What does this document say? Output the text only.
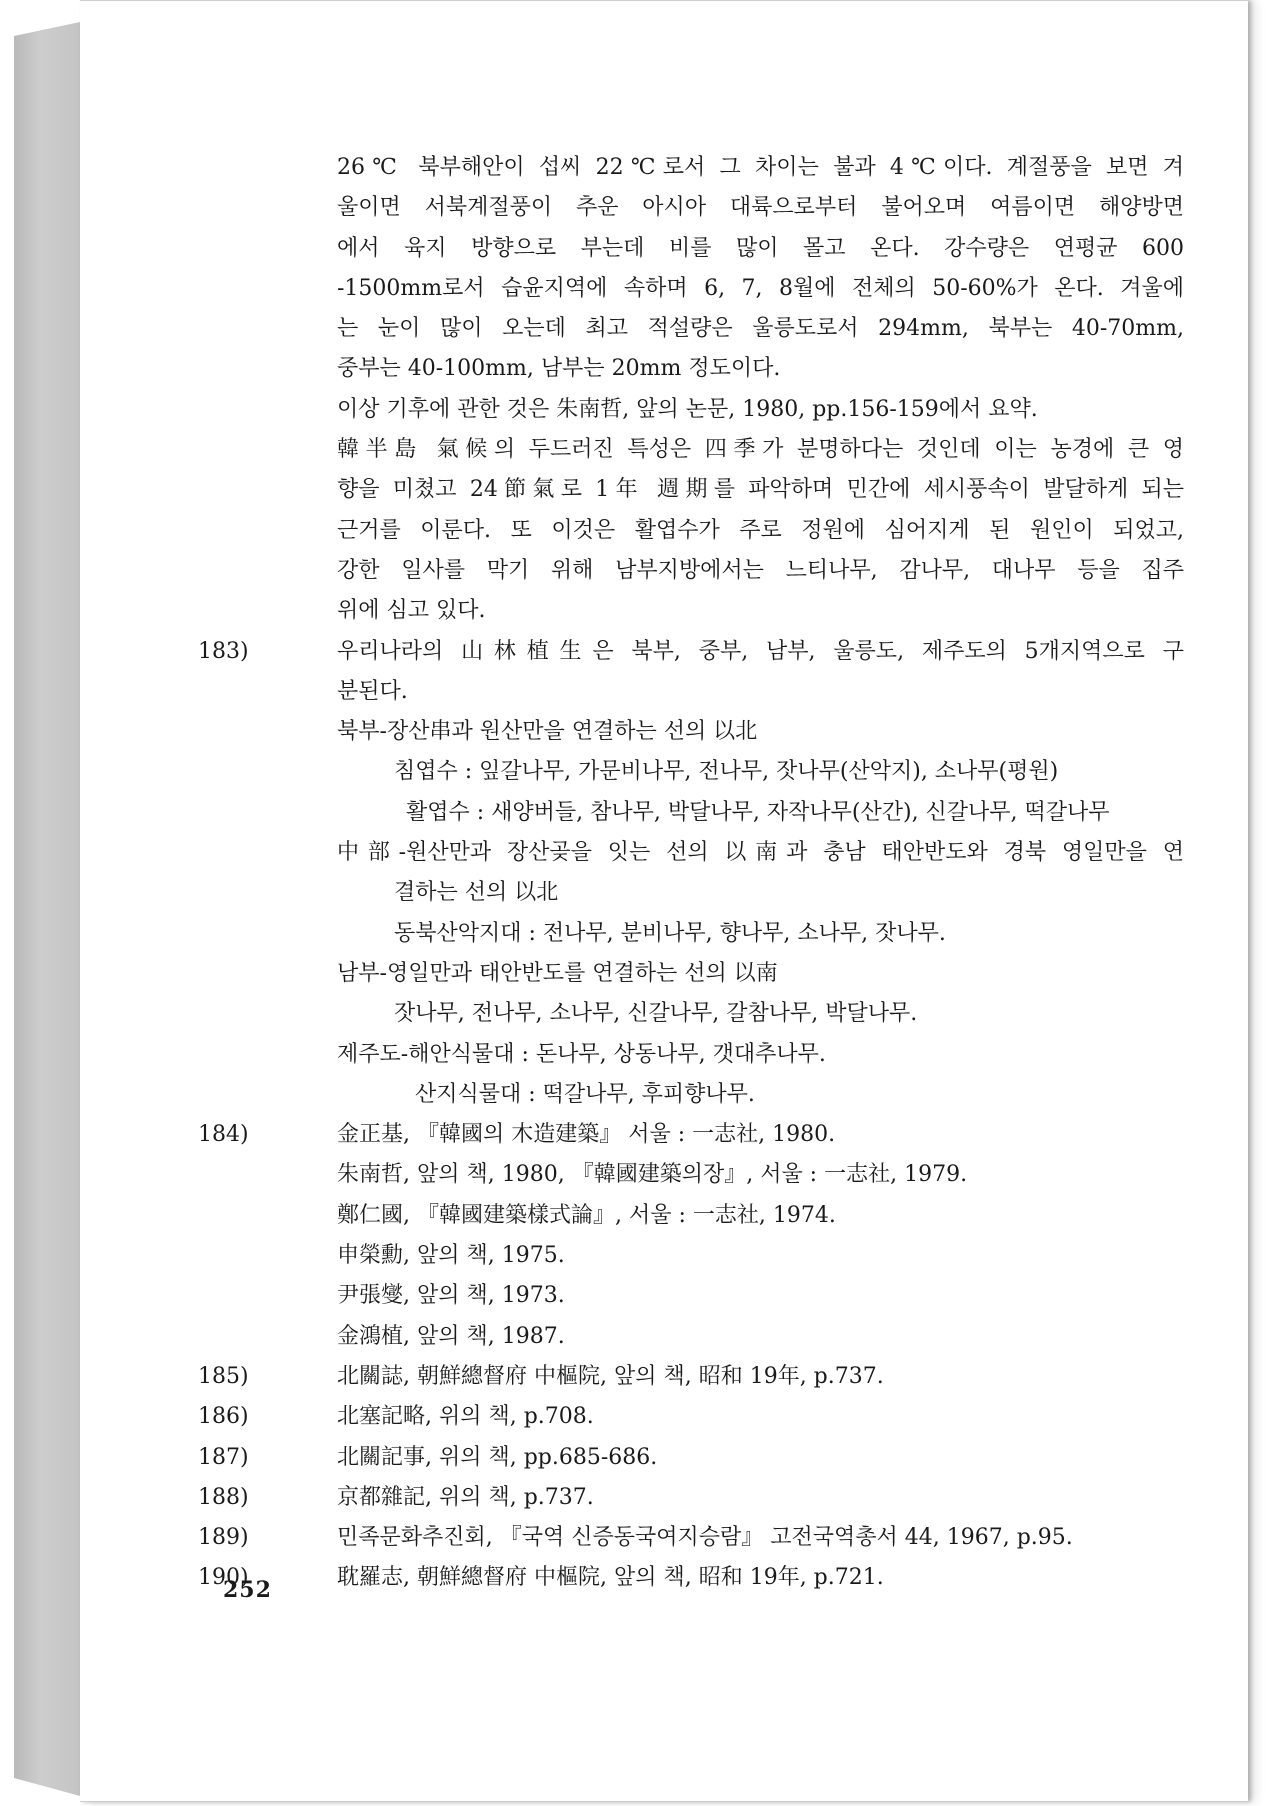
26℃ 북부해안이 섭씨 22℃로서 그 차이는 불과 4℃이다. 계절풍을 보면 겨
울이면 서북계절풍이 추운 아시아 대륙으로부터 불어오며 여름이면 해양방면
에서 육지 방향으로 부는데 비를 많이 몰고 온다. 강수량은 연평균 600
-1500mm로서 습윤지역에 속하며 6, 7, 8월에 전체의 50-60%가 온다. 겨울에
는 눈이 많이 오는데 최고 적설량은 울릉도로서 294mm, 북부는 40-70mm,
중부는 40-100mm, 남부는 20mm 정도이다.
이상 기후에 관한 것은 朱南哲, 앞의 논문, 1980, pp.156-159에서 요약.
韓半島 氣候의 두드러진 특성은 四季가 분명하다는 것인데 이는 농경에 큰 영
향을 미쳤고 24節氣로 1年 週期를 파악하며 민간에 세시풍속이 발달하게 되는
근거를 이룬다. 또 이것은 활엽수가 주로 정원에 심어지게 된 원인이 되었고,
강한 일사를 막기 위해 남부지방에서는 느티나무, 감나무, 대나무 등을 집주
위에 심고 있다.
183)	우리나라의 山林植生은 북부, 중부, 남부, 울릉도, 제주도의 5개지역으로 구
분된다.
북부-장산串과 원산만을 연결하는 선의 以北
침엽수 : 잎갈나무, 가문비나무, 전나무, 잣나무(산악지), 소나무(평원)
활엽수 : 새양버들, 참나무, 박달나무, 자작나무(산간), 신갈나무, 떡갈나무
中部-원산만과 장산곶을 잇는 선의 以南과 충남 태안반도와 경북 영일만을 연
결하는 선의 以北
동북산악지대 : 전나무, 분비나무, 향나무, 소나무, 잣나무.
남부-영일만과 태안반도를 연결하는 선의 以南
잣나무, 전나무, 소나무, 신갈나무, 갈참나무, 박달나무.
제주도-해안식물대 : 돈나무, 상동나무, 갯대추나무.
산지식물대 : 떡갈나무, 후피향나무.
184)	金正基, 『韓國의 木造建築』 서울 : 一志社, 1980.
朱南哲, 앞의 책, 1980, 『韓國建築의장』, 서울 : 一志社, 1979.
鄭仁國, 『韓國建築樣式論』, 서울 : 一志社, 1974.
申榮勳, 앞의 책, 1975.
尹張燮, 앞의 책, 1973.
金鴻植, 앞의 책, 1987.
185)	北關誌, 朝鮮總督府 中樞院, 앞의 책, 昭和 19年, p.737.
186)	北塞記略, 위의 책, p.708.
187)	北關記事, 위의 책, pp.685-686.
188)	京都雜記, 위의 책, p.737.
189)	민족문화추진회, 『국역 신증동국여지승람』 고전국역총서 44, 1967, p.95.
190)	耽羅志, 朝鮮總督府 中樞院, 앞의 책, 昭和 19年, p.721.
252
